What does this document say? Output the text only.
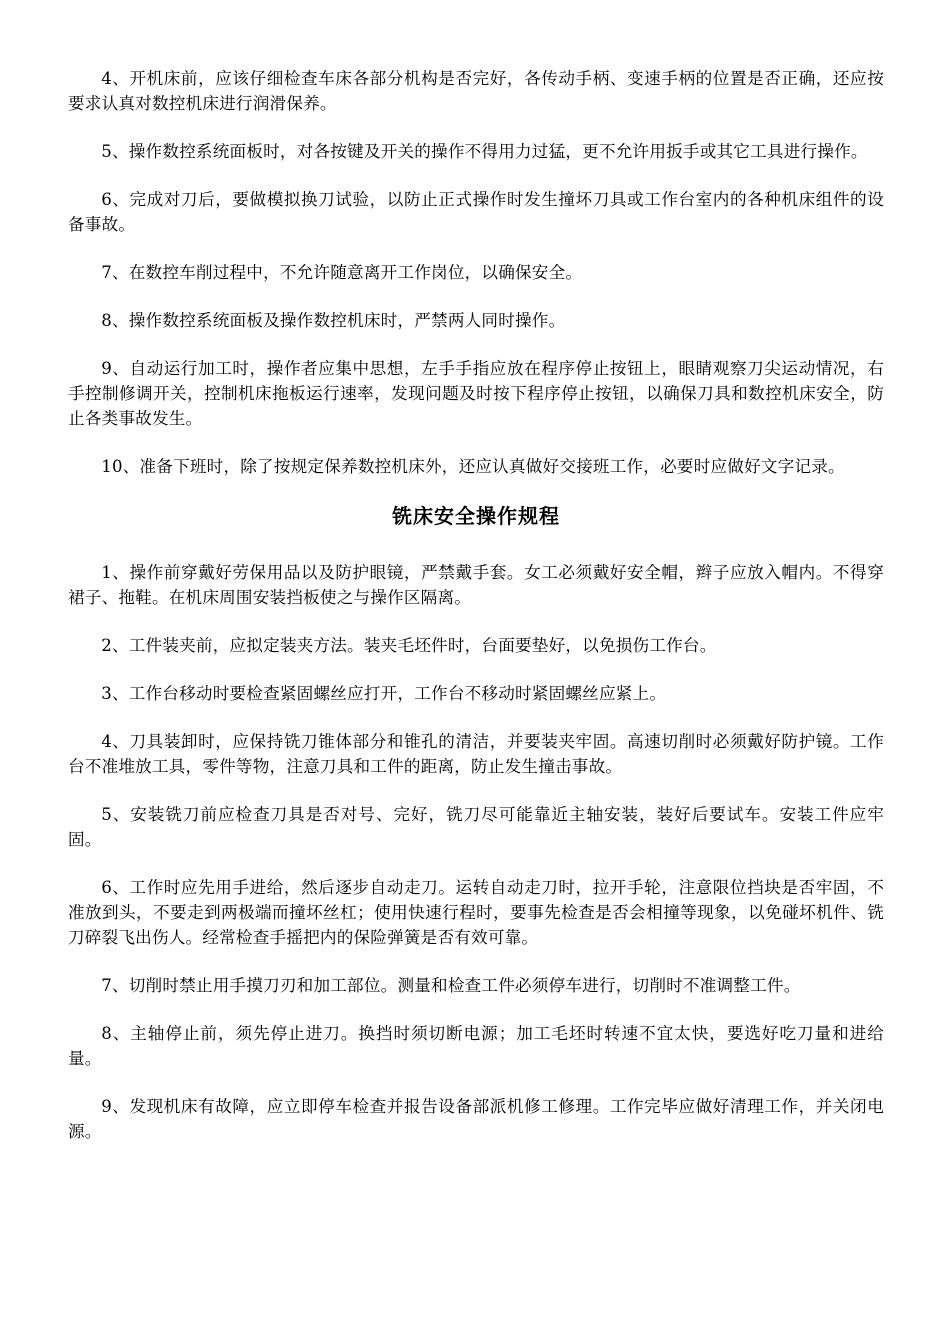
4、开机床前，应该仔细检查车床各部分机构是否完好，各传动手柄、变速手柄的位置是否正确，还应按要求认真对数控机床进行润滑保养。

5、操作数控系统面板时，对各按键及开关的操作不得用力过猛，更不允许用扳手或其它工具进行操作。

6、完成对刀后，要做模拟换刀试验，以防止正式操作时发生撞坏刀具或工作台室内的各种机床组件的设备事故。

7、在数控车削过程中，不允许随意离开工作岗位，以确保安全。

8、操作数控系统面板及操作数控机床时，严禁两人同时操作。

9、自动运行加工时，操作者应集中思想，左手手指应放在程序停止按钮上，眼睛观察刀尖运动情况，右手控制修调开关，控制机床拖板运行速率，发现问题及时按下程序停止按钮，以确保刀具和数控机床安全，防止各类事故发生。

10、准备下班时，除了按规定保养数控机床外，还应认真做好交接班工作，必要时应做好文字记录。

铣床安全操作规程

1、操作前穿戴好劳保用品以及防护眼镜，严禁戴手套。女工必须戴好安全帽，辫子应放入帽内。不得穿裙子、拖鞋。在机床周围安装挡板使之与操作区隔离。

2、工件装夹前，应拟定装夹方法。装夹毛坯件时，台面要垫好，以免损伤工作台。

3、工作台移动时要检查紧固螺丝应打开，工作台不移动时紧固螺丝应紧上。

4、刀具装卸时，应保持铣刀锥体部分和锥孔的清洁，并要装夹牢固。高速切削时必须戴好防护镜。工作台不准堆放工具，零件等物，注意刀具和工件的距离，防止发生撞击事故。

5、安装铣刀前应检查刀具是否对号、完好，铣刀尽可能靠近主轴安装，装好后要试车。安装工件应牢固。

6、工作时应先用手进给，然后逐步自动走刀。运转自动走刀时，拉开手轮，注意限位挡块是否牢固，不准放到头，不要走到两极端而撞坏丝杠；使用快速行程时，要事先检查是否会相撞等现象，以免碰坏机件、铣刀碎裂飞出伤人。经常检查手摇把内的保险弹簧是否有效可靠。

7、切削时禁止用手摸刀刃和加工部位。测量和检查工件必须停车进行，切削时不准调整工件。

8、主轴停止前，须先停止进刀。换挡时须切断电源；加工毛坯时转速不宜太快，要选好吃刀量和进给量。

9、发现机床有故障，应立即停车检查并报告设备部派机修工修理。工作完毕应做好清理工作，并关闭电源。
